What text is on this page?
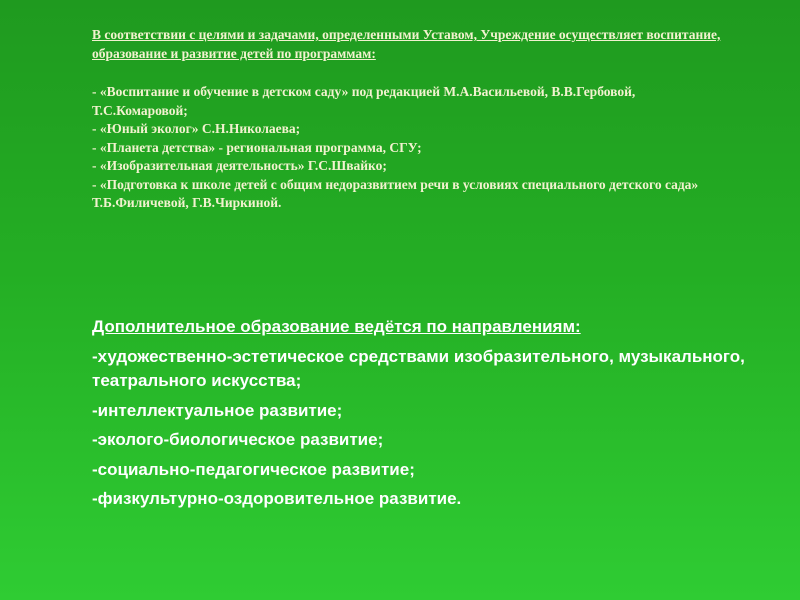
В соответствии с целями и задачами, определенными Уставом, Учреждение осуществляет воспитание, образование и развитие детей по программам:
- «Воспитание и обучение в детском саду» под редакцией М.А.Васильевой, В.В.Гербовой, Т.С.Комаровой;
- «Юный эколог» С.Н.Николаева;
- «Планета детства» - региональная программа, СГУ;
- «Изобразительная деятельность» Г.С.Швайко;
- «Подготовка к школе детей с общим недоразвитием речи в условиях специального детского сада» Т.Б.Филичевой, Г.В.Чиркиной.
Дополнительное образование ведётся по направлениям:
-художественно-эстетическое средствами изобразительного, музыкального, театрального искусства;
-интеллектуальное развитие;
-эколого-биологическое развитие;
-социально-педагогическое развитие;
-физкультурно-оздоровительное развитие.
